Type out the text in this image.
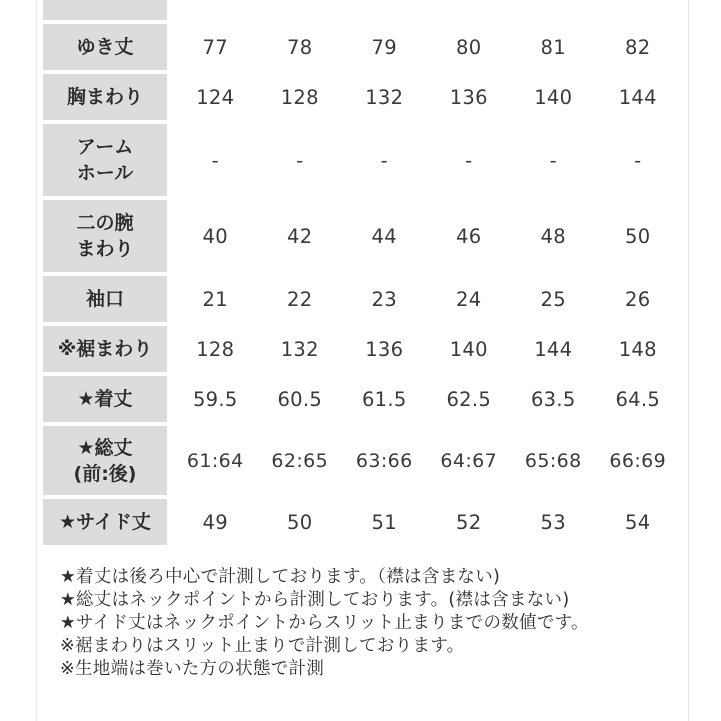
ゆき丈		77	78	79	80	81	82
胸まわり		124	128	132	136	140	144
アーム
ホール		-	-	-	-	-	-
二の腕
まわり		40	42	44	46	48	50
袖口		21	22	23	24	25	26
※裾まわり		128	132	136	140	144	148
★着丈		59.5	60.5	61.5	62.5	63.5	64.5
★総丈
(前:後)		61:64	62:65	63:66	64:67	65:68	66:69
★サイド丈		49	50	51	52	53	54
★着丈は後ろ中心で計測しております。（襟は含まない)
★総丈はネックポイントから計測しております。(襟は含まない)
★サイド丈はネックポイントからスリット止まりまでの数値です。
※裾まわりはスリット止まりで計測しております。
※生地端は巻いた方の状態で計測
